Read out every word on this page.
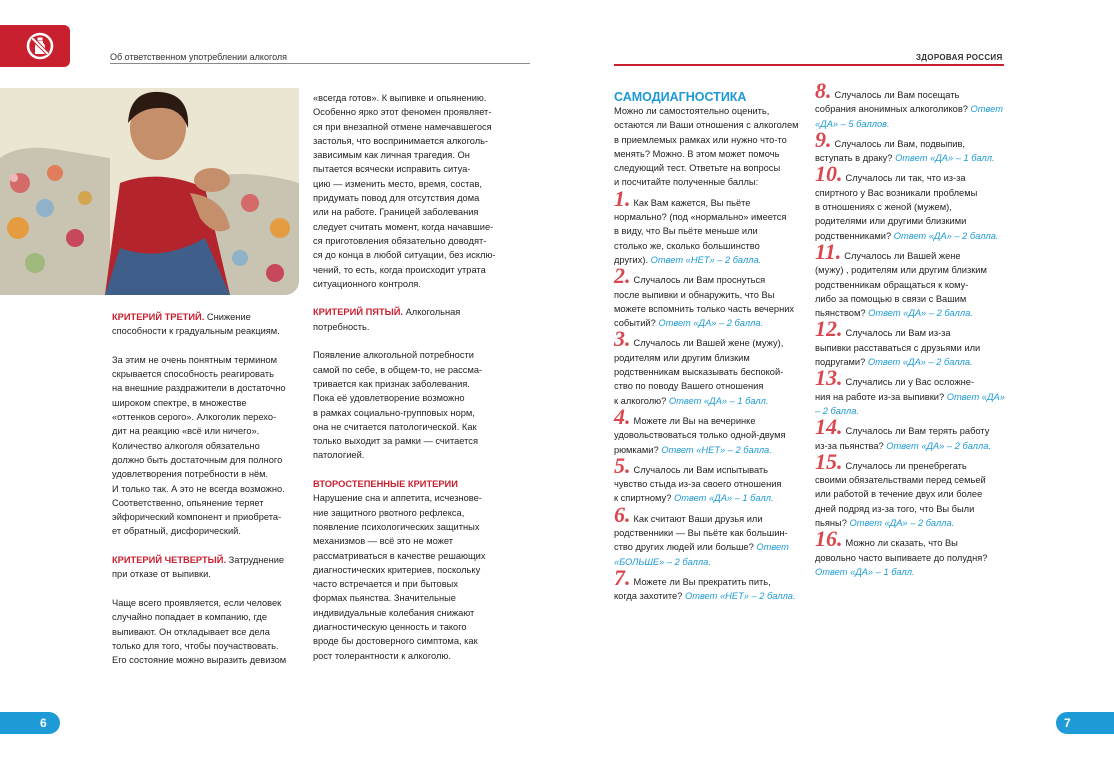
Об ответственном употреблении алкоголя	ЗДОРОВАЯ РОССИЯ

КРИТЕРИЙ ТРЕТИЙ. Снижение способности к градуальным реакциям.

За этим не очень понятным термином
скрывается способность реагировать
на внешние раздражители в достаточно
широком спектре, в множестве
«оттенков серого». Алкоголик перехо-
дит на реакцию «всё или ничего».
Количество алкоголя обязательно
должно быть достаточным для полного
удовлетворения потребности в нём.
И только так. А это не всегда возможно.
Соответственно, опьянение теряет
эйфорический компонент и приобрета-
ет обратный, дисфорический.

КРИТЕРИЙ ЧЕТВЕРТЫЙ. Затруднение при отказе от выпивки.

Чаще всего проявляется, если человек
случайно попадает в компанию, где
выпивают. Он откладывает все дела
только для того, чтобы поучаствовать.
Его состояние можно выразить девизом

«всегда готов». К выпивке и опьянению.
Особенно ярко этот феномен проявляет-
ся при внезапной отмене намечавшегося
застолья, что воспринимается алкоголь-
зависимым как личная трагедия. Он
пытается всячески исправить ситуа-
цию — изменить место, время, состав,
придумать повод для отсутствия дома
или на работе. Границей заболевания
следует считать момент, когда начавшие-
ся приготовления обязательно доводят-
ся до конца в любой ситуации, без исклю-
чений, то есть, когда происходит утрата
ситуационного контроля.

КРИТЕРИЙ ПЯТЫЙ. Алкогольная потребность.

Появление алкогольной потребности
самой по себе, в общем-то, не рассма-
тривается как признак заболевания.
Пока её удовлетворение возможно
в рамках социально-групповых норм,
она не считается патологической. Как
только выходит за рамки — считается
патологией.

ВТОРОСТЕПЕННЫЕ КРИТЕРИИ

Нарушение сна и аппетита, исчезнове-
ние защитного рвотного рефлекса,
появление психологических защитных
механизмов — всё это не может
рассматриваться в качестве решающих
диагностических критериев, поскольку
часто встречается и при бытовых
формах пьянства. Значительные
индивидуальные колебания снижают
диагностическую ценность и такого
вроде бы достоверного симптома, как
рост толерантности к алкоголю.

САМОДИАГНОСТИКА

Можно ли самостоятельно оценить,
остаются ли Ваши отношения с алкоголем
в приемлемых рамках или нужно что-то
менять? Можно. В этом может помочь
следующий тест. Ответьте на вопросы
и посчитайте полученные баллы:

1. Как Вам кажется, Вы пьёте
нормально? (под «нормально» имеется
в виду, что Вы пьёте меньше или
столько же, сколько большинство
других). Ответ «НЕТ» – 2 балла.

2. Случалось ли Вам проснуться
после выпивки и обнаружить, что Вы
можете вспомнить только часть вечерних
событий? Ответ «ДА» – 2 балла.

3. Случалось ли Вашей жене (мужу),
родителям или другим близким
родственникам высказывать беспокой-
ство по поводу Вашего отношения
к алкоголю? Ответ «ДА» – 1 балл.

4. Можете ли Вы на вечеринке
удовольствоваться только одной-двумя
рюмками? Ответ «НЕТ» – 2 балла.

5. Случалось ли Вам испытывать
чувство стыда из-за своего отношения
к спиртному? Ответ «ДА» – 1 балл.

6. Как считают Ваши друзья или
родственники — Вы пьёте как большин-
ство других людей или больше? Ответ «БОЛЬШЕ» – 2 балла.

7. Можете ли Вы прекратить пить,
когда захотите? Ответ «НЕТ» – 2 балла.

8. Случалось ли Вам посещать
собрания анонимных алкоголиков? Ответ «ДА» – 5 баллов.

9. Случалось ли Вам, подвыпив,
вступать в драку? Ответ «ДА» – 1 балл.

10. Случалось ли так, что из-за
спиртного у Вас возникали проблемы
в отношениях с женой (мужем),
родителями или другими близкими
родственниками? Ответ «ДА» – 2 балла.

11. Случалось ли Вашей жене
(мужу) , родителям или другим близким
родственникам обращаться к кому-
либо за помощью в связи с Вашим
пьянством? Ответ «ДА» – 2 балла.

12. Случалось ли Вам из-за
выпивки расставаться с друзьями или
подругами? Ответ «ДА» – 2 балла.

13. Случались ли у Вас осложне-
ния на работе из-за выпивки? Ответ «ДА» – 2 балла.

14. Случалось ли Вам терять работу
из-за пьянства? Ответ «ДА» – 2 балла.

15. Случалось ли пренебрегать
своими обязательствами перед семьей
или работой в течение двух или более
дней подряд из-за того, что Вы были
пьяны? Ответ «ДА» – 2 балла.

16. Можно ли сказать, что Вы
довольно часто выпиваете до полудня? Ответ «ДА» – 1 балл.

6	7
